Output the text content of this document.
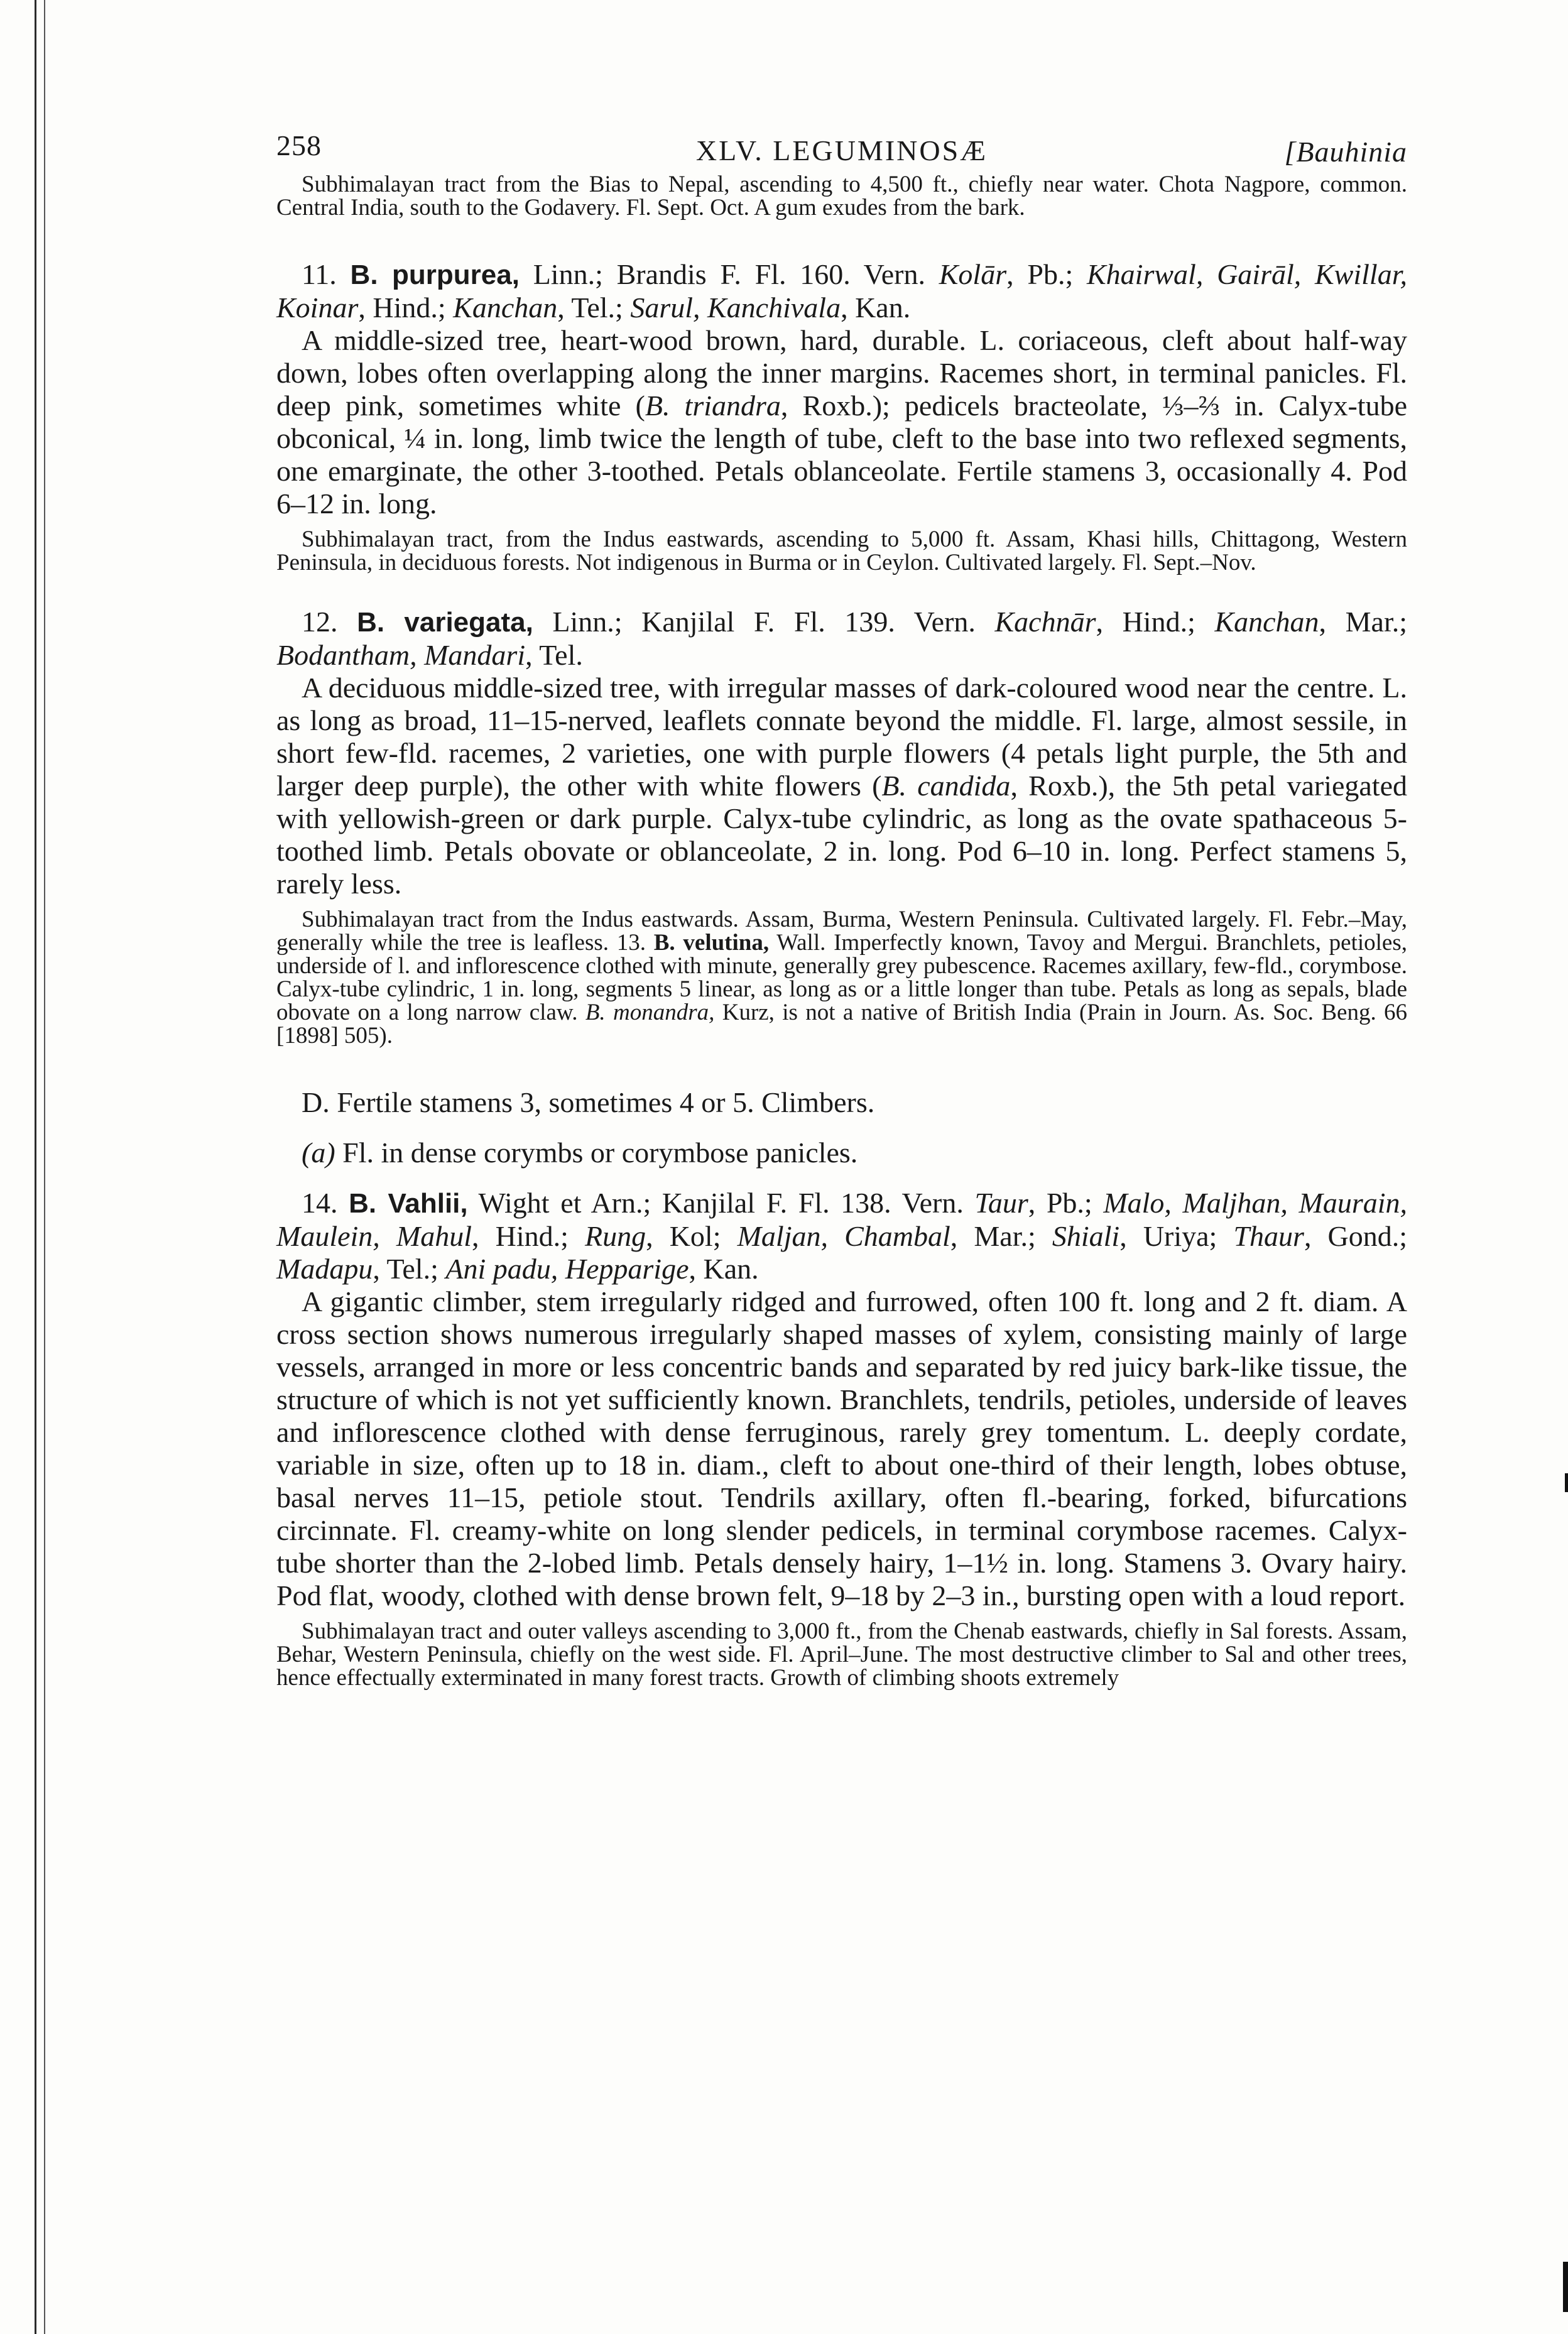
258	XLV. LEGUMINOSÆ	[Bauhinia

Subhimalayan tract from the Bias to Nepal, ascending to 4,500 ft., chiefly near water. Chota Nagpore, common. Central India, south to the Godavery. Fl. Sept. Oct. A gum exudes from the bark.

11. B. purpurea, Linn.; Brandis F. Fl. 160. Vern. Kolār, Pb.; Khairwal, Gairāl, Kwillar, Koinar, Hind.; Kanchan, Tel.; Sarul, Kanchivala, Kan.

A middle-sized tree, heart-wood brown, hard, durable. L. coriaceous, cleft about half-way down, lobes often overlapping along the inner margins. Racemes short, in terminal panicles. Fl. deep pink, sometimes white (B. triandra, Roxb.); pedicels bracteolate, ⅓–⅔ in. Calyx-tube obconical, ¼ in. long, limb twice the length of tube, cleft to the base into two reflexed segments, one emarginate, the other 3-toothed. Petals oblanceolate. Fertile stamens 3, occasionally 4. Pod 6–12 in. long.

Subhimalayan tract, from the Indus eastwards, ascending to 5,000 ft. Assam, Khasi hills, Chittagong, Western Peninsula, in deciduous forests. Not indigenous in Burma or in Ceylon. Cultivated largely. Fl. Sept.–Nov.

12. B. variegata, Linn.; Kanjilal F. Fl. 139. Vern. Kachnār, Hind.; Kanchan, Mar.; Bodantham, Mandari, Tel.

A deciduous middle-sized tree, with irregular masses of dark-coloured wood near the centre. L. as long as broad, 11–15-nerved, leaflets connate beyond the middle. Fl. large, almost sessile, in short few-fld. racemes, 2 varieties, one with purple flowers (4 petals light purple, the 5th and larger deep purple), the other with white flowers (B. candida, Roxb.), the 5th petal variegated with yellowish-green or dark purple. Calyx-tube cylindric, as long as the ovate spathaceous 5-toothed limb. Petals obovate or oblanceolate, 2 in. long. Pod 6–10 in. long. Perfect stamens 5, rarely less.

Subhimalayan tract from the Indus eastwards. Assam, Burma, Western Peninsula. Cultivated largely. Fl. Febr.–May, generally while the tree is leafless. 13. B. velutina, Wall. Imperfectly known, Tavoy and Mergui. Branchlets, petioles, underside of l. and inflorescence clothed with minute, generally grey pubescence. Racemes axillary, few-fld., corymbose. Calyx-tube cylindric, 1 in. long, segments 5 linear, as long as or a little longer than tube. Petals as long as sepals, blade obovate on a long narrow claw. B. monandra, Kurz, is not a native of British India (Prain in Journ. As. Soc. Beng. 66 [1898] 505).

D. Fertile stamens 3, sometimes 4 or 5. Climbers.

(a) Fl. in dense corymbs or corymbose panicles.

14. B. Vahlii, Wight et Arn.; Kanjilal F. Fl. 138. Vern. Taur, Pb.; Malo, Maljhan, Maurain, Maulein, Mahul, Hind.; Rung, Kol; Maljan, Chambal, Mar.; Shiali, Uriya; Thaur, Gond.; Madapu, Tel.; Ani padu, Hepparige, Kan.

A gigantic climber, stem irregularly ridged and furrowed, often 100 ft. long and 2 ft. diam. A cross section shows numerous irregularly shaped masses of xylem, consisting mainly of large vessels, arranged in more or less concentric bands and separated by red juicy bark-like tissue, the structure of which is not yet sufficiently known. Branchlets, tendrils, petioles, underside of leaves and inflorescence clothed with dense ferruginous, rarely grey tomentum. L. deeply cordate, variable in size, often up to 18 in. diam., cleft to about one-third of their length, lobes obtuse, basal nerves 11–15, petiole stout. Tendrils axillary, often fl.-bearing, forked, bifurcations circinnate. Fl. creamy-white on long slender pedicels, in terminal corymbose racemes. Calyx-tube shorter than the 2-lobed limb. Petals densely hairy, 1–1½ in. long. Stamens 3. Ovary hairy. Pod flat, woody, clothed with dense brown felt, 9–18 by 2–3 in., bursting open with a loud report.

Subhimalayan tract and outer valleys ascending to 3,000 ft., from the Chenab eastwards, chiefly in Sal forests. Assam, Behar, Western Peninsula, chiefly on the west side. Fl. April–June. The most destructive climber to Sal and other trees, hence effectually exterminated in many forest tracts. Growth of climbing shoots extremely
